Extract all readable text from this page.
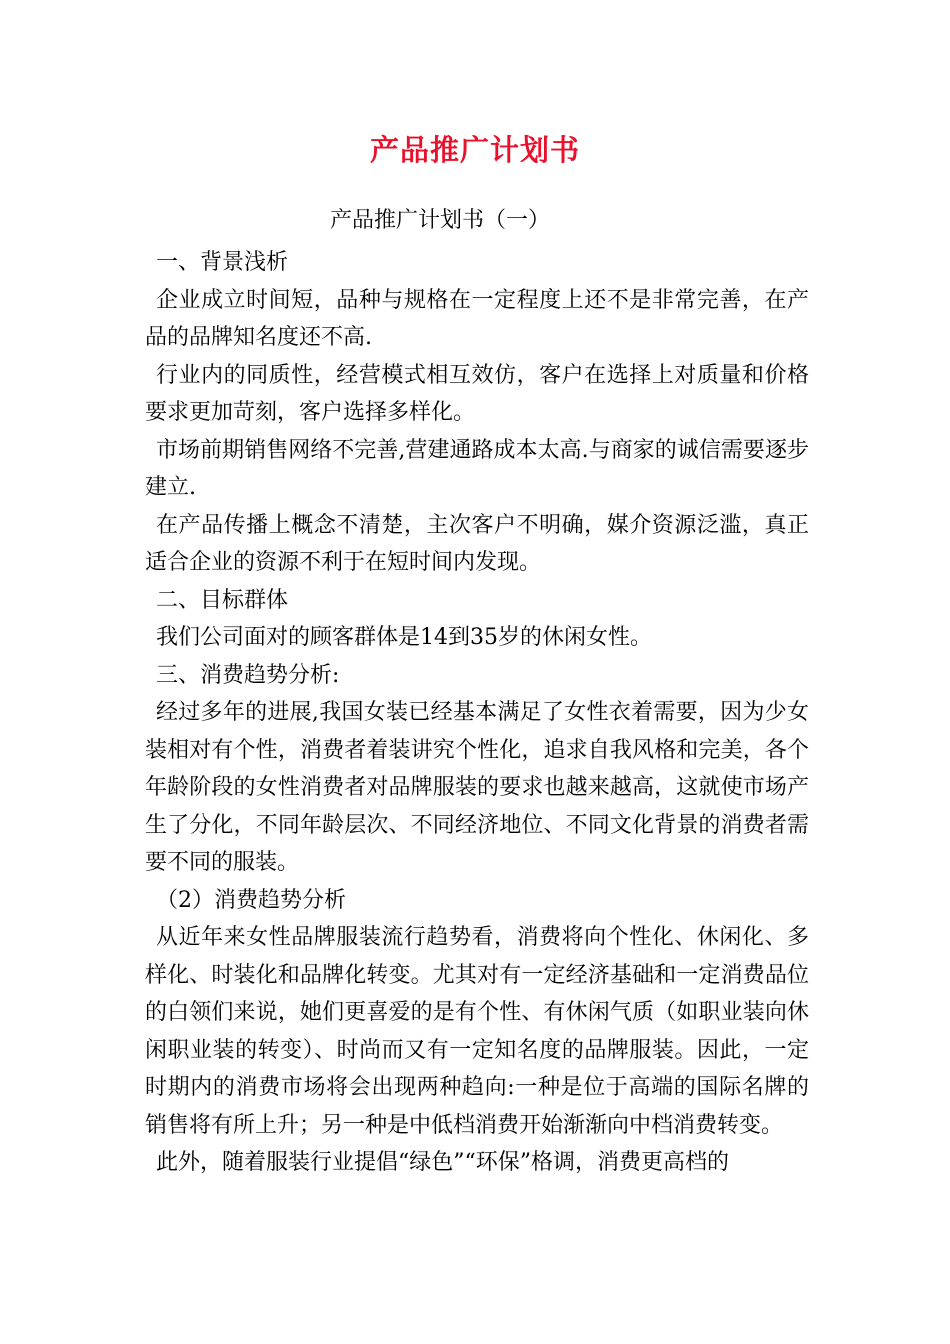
产品推广计划书
产品推广计划书（一）

一、背景浅析

企业成立时间短，品种与规格在一定程度上还不是非常完善，在产品的品牌知名度还不高.

行业内的同质性，经营模式相互效仿，客户在选择上对质量和价格要求更加苛刻，客户选择多样化。

市场前期销售网络不完善,营建通路成本太高.与商家的诚信需要逐步建立.

在产品传播上概念不清楚，主次客户不明确，媒介资源泛滥，真正适合企业的资源不利于在短时间内发现。

二、目标群体

我们公司面对的顾客群体是14到35岁的休闲女性。

三、消费趋势分析:

经过多年的进展,我国女装已经基本满足了女性衣着需要，因为少女装相对有个性，消费者着装讲究个性化，追求自我风格和完美，各个年龄阶段的女性消费者对品牌服装的要求也越来越高，这就使市场产生了分化，不同年龄层次、不同经济地位、不同文化背景的消费者需要不同的服装。

（2）消费趋势分析

从近年来女性品牌服装流行趋势看，消费将向个性化、休闲化、多样化、时装化和品牌化转变。尤其对有一定经济基础和一定消费品位的白领们来说，她们更喜爱的是有个性、有休闲气质（如职业装向休闲职业装的转变）、时尚而又有一定知名度的品牌服装。因此，一定时期内的消费市场将会出现两种趋向:一种是位于高端的国际名牌的销售将有所上升；另一种是中低档消费开始渐渐向中档消费转变。

此外，随着服装行业提倡“绿色”“环保”格调，消费更高档的
